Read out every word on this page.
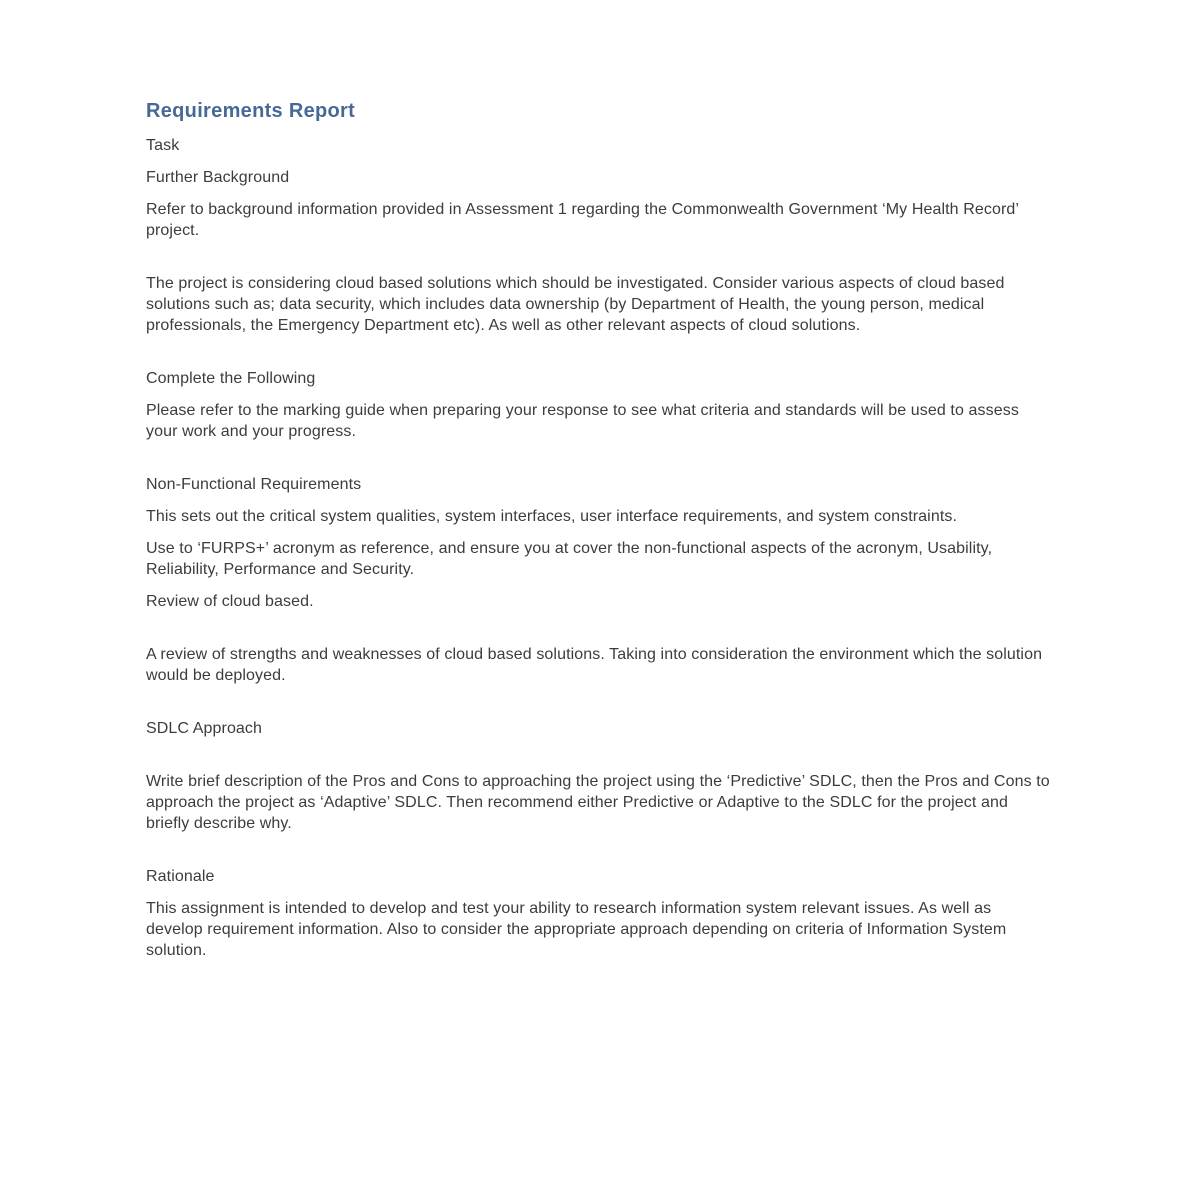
Requirements Report

Task

Further Background

Refer to background information provided in Assessment 1 regarding the Commonwealth Government ‘My Health Record’ project.

The project is considering cloud based solutions which should be investigated. Consider various aspects of cloud based solutions such as; data security, which includes data ownership (by Department of Health, the young person, medical professionals, the Emergency Department etc). As well as other relevant aspects of cloud solutions.

Complete the Following

Please refer to the marking guide when preparing your response to see what criteria and standards will be used to assess your work and your progress.

Non-Functional Requirements

This sets out the critical system qualities, system interfaces, user interface requirements, and system constraints.

Use to ‘FURPS+’ acronym as reference, and ensure you at cover the non-functional aspects of the acronym, Usability, Reliability, Performance and Security.

Review of cloud based.

A review of strengths and weaknesses of cloud based solutions. Taking into consideration the environment which the solution would be deployed.

SDLC Approach

Write brief description of the Pros and Cons to approaching the project using the ‘Predictive’ SDLC, then the Pros and Cons to approach the project as ‘Adaptive’ SDLC. Then recommend either Predictive or Adaptive to the SDLC for the project and briefly describe why.

Rationale

This assignment is intended to develop and test your ability to research information system relevant issues. As well as develop requirement information. Also to consider the appropriate approach depending on criteria of Information System solution.
